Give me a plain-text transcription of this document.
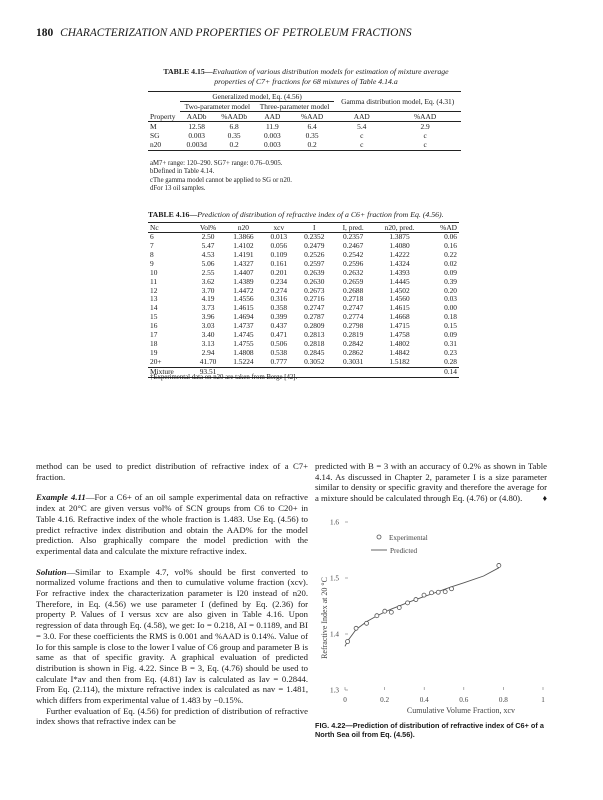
180 CHARACTERIZATION AND PROPERTIES OF PETROLEUM FRACTIONS
TABLE 4.15—Evaluation of various distribution models for estimation of mixture average properties of C7+ fractions for 68 mixtures of Table 4.14.a
	Generalized model, Eq. (4.56)				Gamma distribution model, Eq. (4.31)	
	Two-parameter model		Three-parameter model			
Property	AADb	%AADb	AAD	%AAD	AAD	%AAD
M	12.58	6.8	11.9	6.4	5.4	2.9
SG	0.003	0.35	0.003	0.35	c	c
n20	0.003d	0.2	0.003	0.2	c	c
aM7+ range: 120–290. SG7+ range: 0.76–0.905.
bDefined in Table 4.14.
cThe gamma model cannot be applied to SG or n20.
dFor 13 oil samples.
TABLE 4.16—Prediction of distribution of refractive index of a C6+ fraction from Eq. (4.56).
Nc	Vol%	n20	xcv	I	I, pred.	n20, pred.	%AD
6	2.50	1.3866	0.013	0.2352	0.2357	1.3875	0.06
7	5.47	1.4102	0.056	0.2479	0.2467	1.4080	0.16
8	4.53	1.4191	0.109	0.2526	0.2542	1.4222	0.22
9	5.06	1.4327	0.161	0.2597	0.2596	1.4324	0.02
10	2.55	1.4407	0.201	0.2639	0.2632	1.4393	0.09
11	3.62	1.4389	0.234	0.2630	0.2659	1.4445	0.39
12	3.70	1.4472	0.274	0.2673	0.2688	1.4502	0.20
13	4.19	1.4556	0.316	0.2716	0.2718	1.4560	0.03
14	3.73	1.4615	0.358	0.2747	0.2747	1.4615	0.00
15	3.96	1.4694	0.399	0.2787	0.2774	1.4668	0.18
16	3.03	1.4737	0.437	0.2809	0.2798	1.4715	0.15
17	3.40	1.4745	0.471	0.2813	0.2819	1.4758	0.09
18	3.13	1.4755	0.506	0.2818	0.2842	1.4802	0.31
19	2.94	1.4808	0.538	0.2845	0.2862	1.4842	0.23
20+	41.70	1.5224	0.777	0.3052	0.3031	1.5182	0.28
Mixture	93.51						0.14
†Experimental data on n20 are taken from Berge [42].

method can be used to predict distribution of refractive index of a C7+ fraction.

Example 4.11—For a C6+ of an oil sample experimental data on refractive index at 20°C are given versus vol% of SCN groups from C6 to C20+ in Table 4.16. Refractive index of the whole fraction is 1.483. Use Eq. (4.56) to predict refractive index distribution and obtain the AAD% for the model prediction. Also graphically compare the model prediction with the experimental data and calculate the mixture refractive index.

Solution—Similar to Example 4.7, vol% should be first converted to normalized volume fractions and then to cumulative volume fraction (xcv). For refractive index the characterization parameter is I20 instead of n20. Therefore, in Eq. (4.56) we use parameter I (defined by Eq. (2.36) for property P. Values of I versus xcv are also given in Table 4.16. Upon regression of data through Eq. (4.58), we get: Io = 0.218, AI = 0.1189, and BI = 3.0. For these coefficients the RMS is 0.001 and %AAD is 0.14%. Value of Io for this sample is close to the lower I value of C6 group and parameter B is same as that of specific gravity. A graphical evaluation of predicted distribution is shown in Fig. 4.22. Since B = 3, Eq. (4.76) should be used to calculate I*av and then from Eq. (4.81) Iav is calculated as Iav = 0.2844. From Eq. (2.114), the mixture refractive index is calculated as nav = 1.481, which differs from experimental value of 1.483 by −0.15%.

Further evaluation of Eq. (4.56) for prediction of distribution of refractive index shows that refractive index can be

predicted with B = 3 with an accuracy of 0.2% as shown in Table 4.14. As discussed in Chapter 2, parameter I is a size parameter similar to density or specific gravity and therefore the average for a mixture should be calculated through Eq. (4.76) or (4.80). ♦

1.3
1.4
1.5
1.6
0	0.2	0.4	0.6	0.8	1
Experimental
Predicted
Refractive Index at 20 °C
Cumulative Volume Fraction, xcv
FIG. 4.22—Prediction of distribution of refractive index of C6+ of a North Sea oil from Eq. (4.56).
